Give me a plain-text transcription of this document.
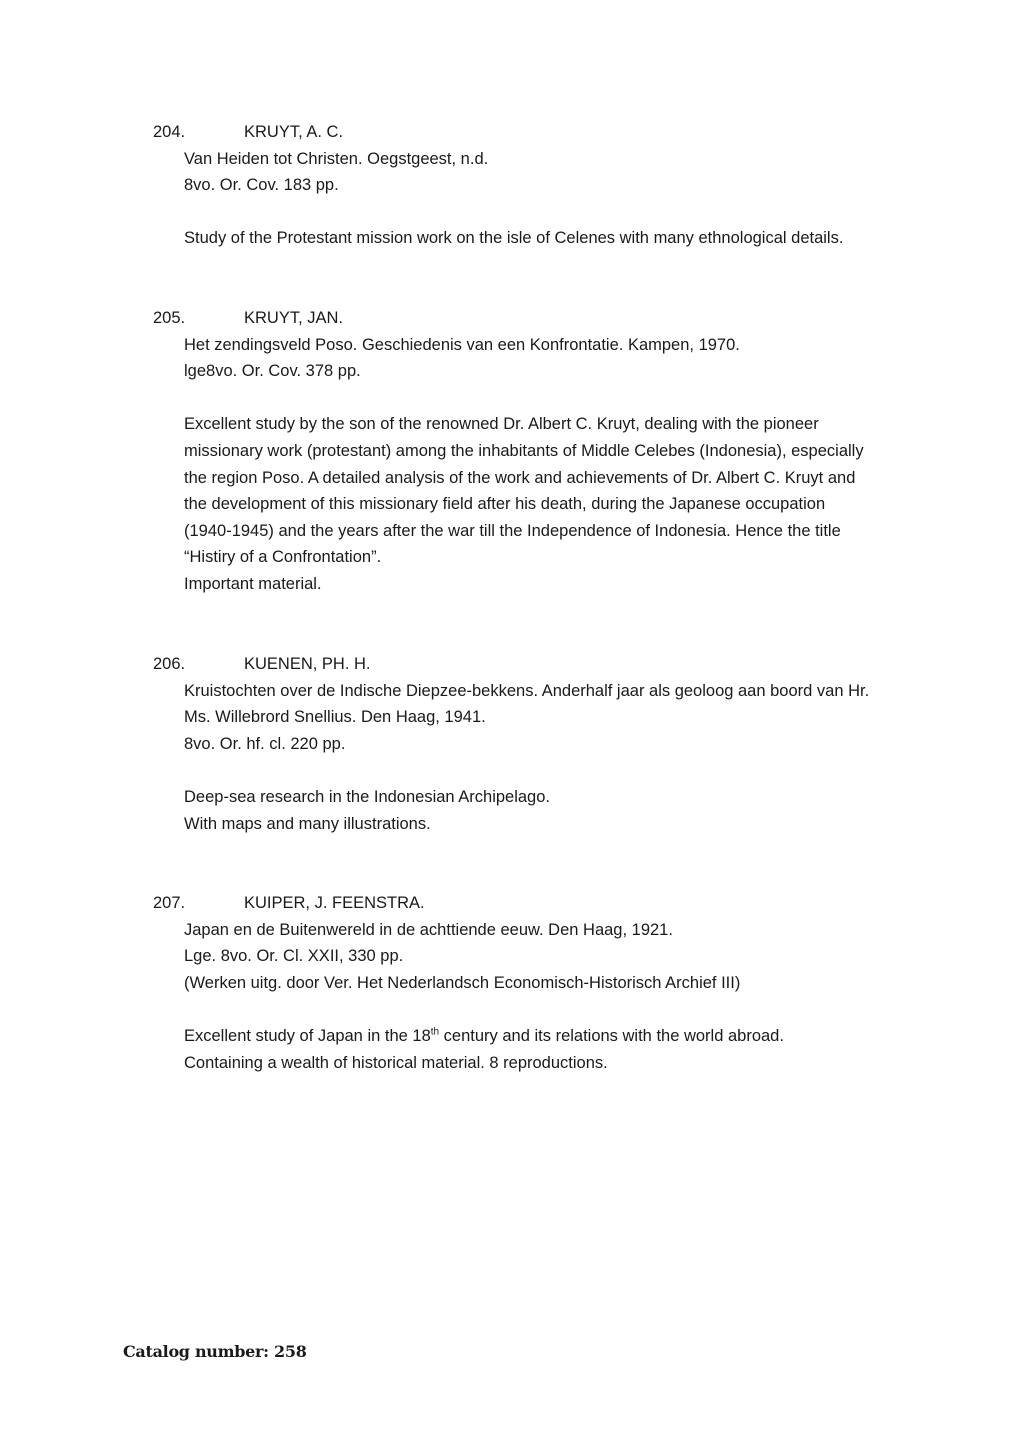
204.	KRUYT, A. C.
Van Heiden tot Christen. Oegstgeest, n.d.
8vo. Or. Cov. 183 pp.
Study of the Protestant mission work on the isle of Celenes with many ethnological details.
205.	KRUYT, JAN.
Het zendingsveld Poso. Geschiedenis van een Konfrontatie. Kampen, 1970.
lge8vo. Or. Cov. 378 pp.
Excellent study by the son of the renowned Dr. Albert C. Kruyt, dealing with the pioneer
missionary work (protestant) among the inhabitants of Middle Celebes (Indonesia), especially
the region Poso. A detailed analysis of the work and achievements of Dr. Albert C. Kruyt and
the development of this missionary field after his death, during the Japanese occupation
(1940-1945) and the years after the war till the Independence of Indonesia. Hence the title
“Histiry of a Confrontation”.
Important material.
206.	KUENEN, PH. H.
Kruistochten over de Indische Diepzee-bekkens. Anderhalf jaar als geoloog aan boord van Hr.
Ms. Willebrord Snellius. Den Haag, 1941.
8vo. Or. hf. cl. 220 pp.
Deep-sea research in the Indonesian Archipelago.
With maps and many illustrations.
207.	KUIPER, J. FEENSTRA.
Japan en de Buitenwereld in de achttiende eeuw. Den Haag, 1921.
Lge. 8vo. Or. Cl. XXII, 330 pp.
(Werken uitg. door Ver. Het Nederlandsch Economisch-Historisch Archief III)
Excellent study of Japan in the 18th century and its relations with the world abroad.
Containing a wealth of historical material. 8 reproductions.
Catalog number: 258
